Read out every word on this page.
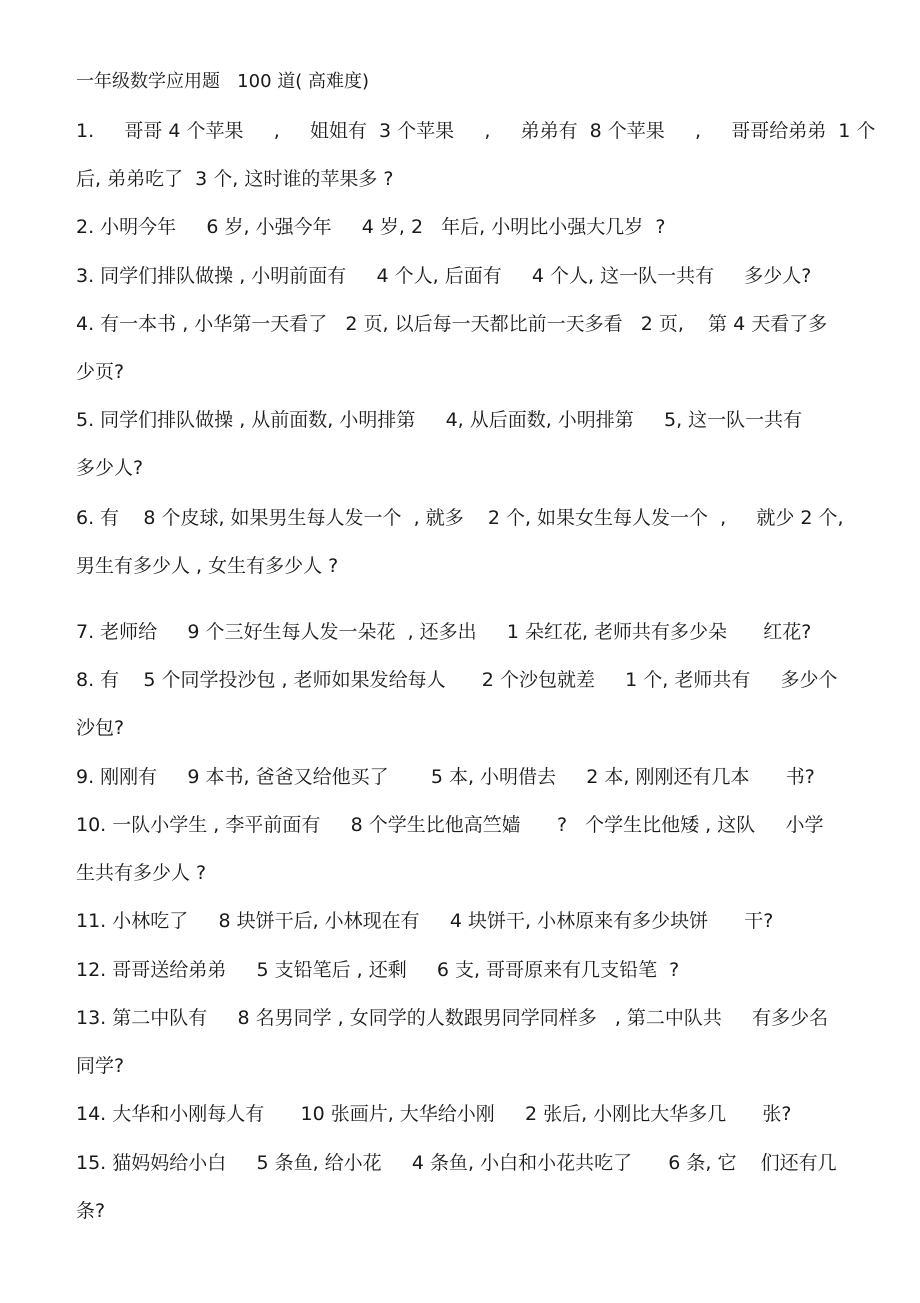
一年级数学应用题   100 道( 高难度)
1.     哥哥 4 个苹果     ,     姐姐有  3 个苹果     ,     弟弟有  8 个苹果     ,     哥哥给弟弟  1 个
后, 弟弟吃了  3 个, 这时谁的苹果多 ?
2. 小明今年     6 岁, 小强今年     4 岁, 2   年后, 小明比小强大几岁  ?
3. 同学们排队做操 , 小明前面有     4 个人, 后面有     4 个人, 这一队一共有     多少人?
4. 有一本书 , 小华第一天看了   2 页, 以后每一天都比前一天多看   2 页,    第 4 天看了多
少页?
5. 同学们排队做操 , 从前面数, 小明排第     4, 从后面数, 小明排第     5, 这一队一共有
多少人?
6. 有    8 个皮球, 如果男生每人发一个  , 就多    2 个, 如果女生每人发一个  ,     就少 2 个,
男生有多少人 , 女生有多少人 ?
7. 老师给     9 个三好生每人发一朵花  , 还多出     1 朵红花, 老师共有多少朵      红花?
8. 有    5 个同学投沙包 , 老师如果发给每人      2 个沙包就差     1 个, 老师共有     多少个
沙包?
9. 刚刚有     9 本书, 爸爸又给他买了       5 本, 小明借去     2 本, 刚刚还有几本      书?
10. 一队小学生 , 李平前面有     8 个学生比他高竺嫱      ?   个学生比他矮 , 这队     小学
生共有多少人 ?
11. 小林吃了     8 块饼干后, 小林现在有     4 块饼干, 小林原来有多少块饼      干?
12. 哥哥送给弟弟     5 支铅笔后 , 还剩     6 支, 哥哥原来有几支铅笔  ?
13. 第二中队有     8 名男同学 , 女同学的人数跟男同学同样多   , 第二中队共     有多少名
同学?
14. 大华和小刚每人有      10 张画片, 大华给小刚     2 张后, 小刚比大华多几      张?
15. 猫妈妈给小白     5 条鱼, 给小花     4 条鱼, 小白和小花共吃了      6 条, 它    们还有几
条?
